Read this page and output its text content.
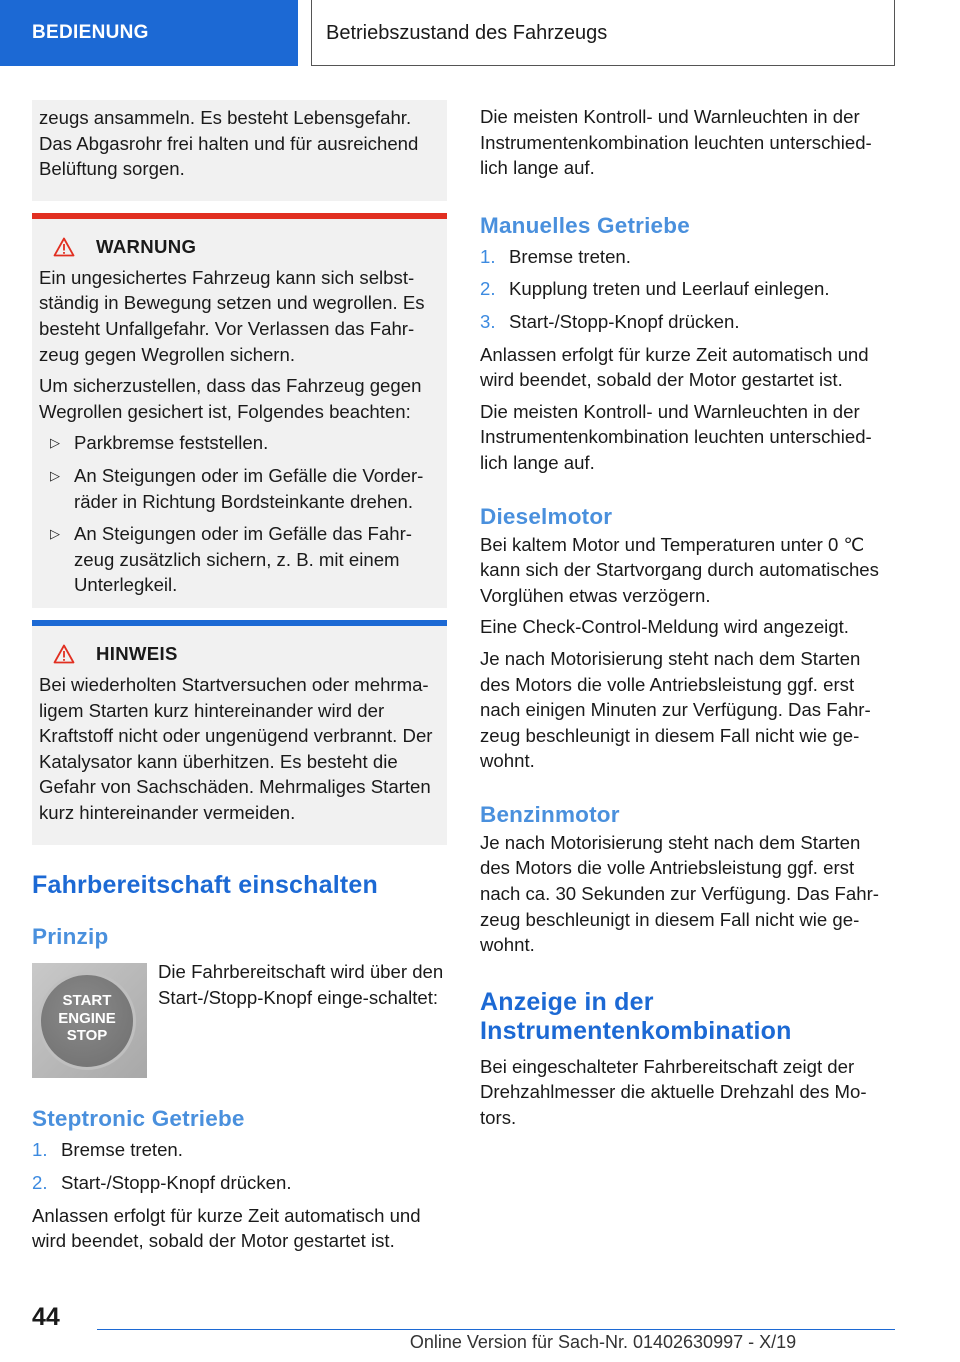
BEDIENUNG	Betriebszustand des Fahrzeugs

zeugs ansammeln. Es besteht Lebensgefahr. Das Abgasrohr frei halten und für ausreichend Belüftung sorgen.

WARNUNG

Ein ungesichertes Fahrzeug kann sich selbst‐ständig in Bewegung setzen und wegrollen. Es besteht Unfallgefahr. Vor Verlassen das Fahr‐zeug gegen Wegrollen sichern.

Um sicherzustellen, dass das Fahrzeug gegen Wegrollen gesichert ist, Folgendes beachten:

▷ Parkbremse feststellen.
▷ An Steigungen oder im Gefälle die Vorder‐räder in Richtung Bordsteinkante drehen.
▷ An Steigungen oder im Gefälle das Fahr‐zeug zusätzlich sichern, z. B. mit einem Unterlegkeil.
HINWEIS

Bei wiederholten Startversuchen oder mehrma‐ligem Starten kurz hintereinander wird der Kraftstoff nicht oder ungenügend verbrannt. Der Katalysator kann überhitzen. Es besteht die Gefahr von Sachschäden. Mehrmaliges Starten kurz hintereinander vermeiden.

Fahrbereitschaft einschalten
Prinzip
START
ENGINE
STOP

Die Fahrbereitschaft wird über den Start-/Stopp-Knopf einge‐schaltet:

Steptronic Getriebe
1. Bremse treten.
2. Start-/Stopp-Knopf drücken.

Anlassen erfolgt für kurze Zeit automatisch und wird beendet, sobald der Motor gestartet ist.

Die meisten Kontroll- und Warnleuchten in der Instrumentenkombination leuchten unterschied‐lich lange auf.

Manuelles Getriebe
1. Bremse treten.
2. Kupplung treten und Leerlauf einlegen.
3. Start-/Stopp-Knopf drücken.

Anlassen erfolgt für kurze Zeit automatisch und wird beendet, sobald der Motor gestartet ist.

Die meisten Kontroll- und Warnleuchten in der Instrumentenkombination leuchten unterschied‐lich lange auf.

Dieselmotor

Bei kaltem Motor und Temperaturen unter 0 ℃ kann sich der Startvorgang durch automatisches Vorglühen etwas verzögern.

Eine Check-Control-Meldung wird angezeigt.

Je nach Motorisierung steht nach dem Starten des Motors die volle Antriebsleistung ggf. erst nach einigen Minuten zur Verfügung. Das Fahr‐zeug beschleunigt in diesem Fall nicht wie ge‐wohnt.

Benzinmotor

Je nach Motorisierung steht nach dem Starten des Motors die volle Antriebsleistung ggf. erst nach ca. 30 Sekunden zur Verfügung. Das Fahr‐zeug beschleunigt in diesem Fall nicht wie ge‐wohnt.

Anzeige in der Instrumentenkombination

Bei eingeschalteter Fahrbereitschaft zeigt der Drehzahlmesser die aktuelle Drehzahl des Mo‐tors.

44
Online Version für Sach-Nr. 01402630997 - X/19
